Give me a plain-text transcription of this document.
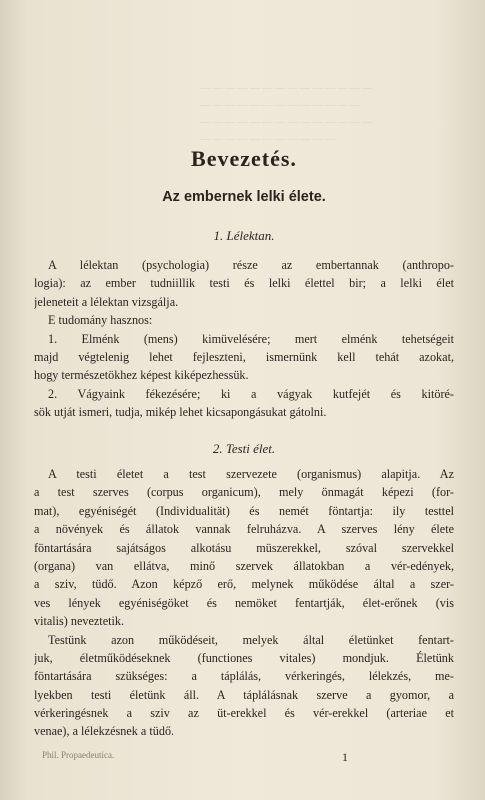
— — — — — — — — — — — — — —
— — — — — — — — — — — — —
— — — — — — — — — — — — — —
— — — — — — — — — — —
Bevezetés.
Az embernek lelki élete.
1. Lélektan.
A lélektan (psychologia) része az embertannak (anthropo-
logia): az ember tudniillik testi és lelki élettel bir; a lelki élet
jeleneteit a lélektan vizsgálja.
E tudomány hasznos:
1. Elménk (mens) kimüvelésére; mert elménk tehetségeit
majd végtelenig lehet fejleszteni, ismernünk kell tehát azokat,
hogy természetökhez képest kiképezhessük.
2. Vágyaink fékezésére; ki a vágyak kutfejét és kitöré-
sök utját ismeri, tudja, mikép lehet kicsapongásukat gátolni.
2. Testi élet.
A testi életet a test szervezete (organismus) alapitja. Az
a test szerves (corpus organicum), mely önmagát képezi (for-
mat), egyéniségét (Individualität) és nemét föntartja: ily testtel
a növények és állatok vannak felruházva. A szerves lény élete
föntartására sajátságos alkotásu müszerekkel, szóval szervekkel
(organa) van ellátva, minő szervek állatokban a vér-edények,
a sziv, tüdő. Azon képző erő, melynek működése által a szer-
ves lények egyéniségöket és nemöket fentartják, élet-erőnek (vis
vitalis) neveztetik.
Testünk azon működéseit, melyek által életünket fentart-
juk, életműködéseknek (functiones vitales) mondjuk. Életünk
föntartására szükséges: a táplálás, vérkeringés, lélekzés, me-
lyekben testi életünk áll. A táplálásnak szerve a gyomor, a
vérkeringésnek a sziv az üt-erekkel és vér-erekkel (arteriae et
venae), a lélekzésnek a tüdő.
Phil. Propaedeutica.	1
